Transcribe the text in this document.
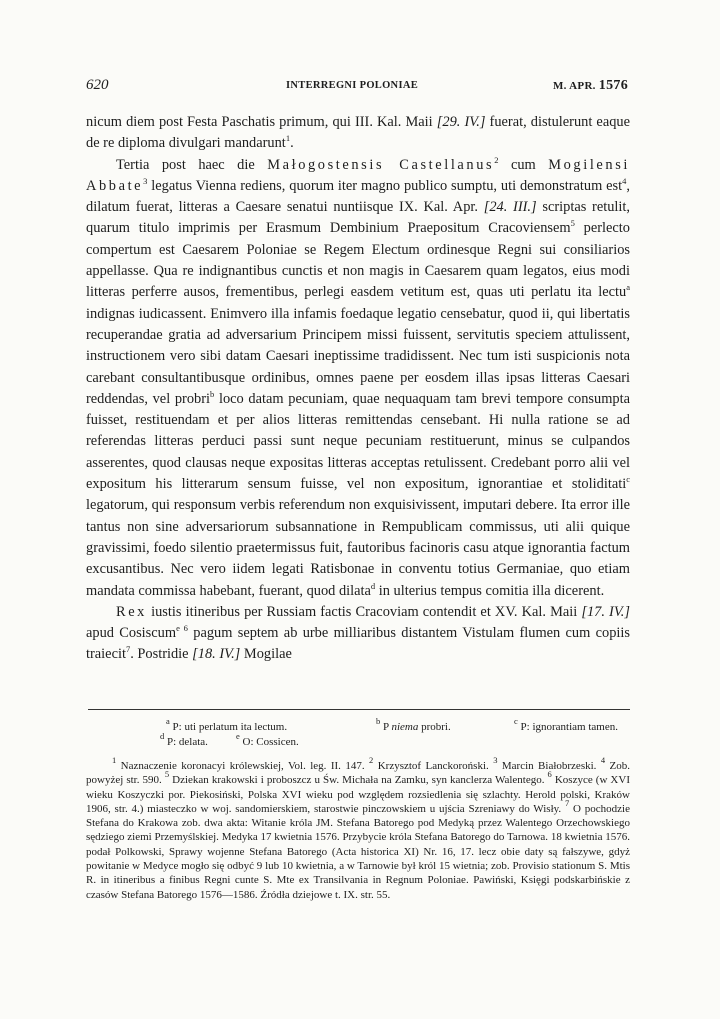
620	INTERREGNI POLONIAE	M. APR. 1576

nicum diem post Festa Paschatis primum, qui III. Kal. Maii [29. IV.] fuerat, distulerunt eaque de re diploma divulgari mandarunt$^1$.

Tertia post haec die Małogostensis Castellanus$^2$ cum Mogilensi Abbate$^3$ legatus Vienna rediens, quorum iter magno publico sumptu, uti demonstratum est$^4$, dilatum fuerat, litteras a Caesare senatui nuntiisque IX. Kal. Apr. [24. III.] scriptas retulit, quarum titulo imprimis per Erasmum Dembinium Praepositum Cracoviensem$^5$ perlecto compertum est Caesarem Poloniae se Regem Electum ordinesque Regni sui consiliarios appellasse. Qua re indignantibus cunctis et non magis in Caesarem quam legatos, eius modi litteras perferre ausos, frementibus, perlegi easdem vetitum est, quas uti perlatu ita lectu$^a$ indignas iudicassent. Enimvero illa infamis foedaque legatio censebatur, quod ii, qui libertatis recuperandae gratia ad adversarium Principem missi fuissent, servitutis speciem attulissent, instructionem vero sibi datam Caesari ineptissime tradidissent. Nec tum isti suspicionis nota carebant consultantibusque ordinibus, omnes paene per eosdem illas ipsas litteras Caesari reddendas, vel probri$^b$ loco datam pecuniam, quae nequaquam tam brevi tempore consumpta fuisset, restituendam et per alios litteras remittendas censebant. Hi nulla ratione se ad referendas litteras perduci passi sunt neque pecuniam restituerunt, minus se culpandos asserentes, quod clausas neque expositas litteras acceptas retulissent. Credebant porro alii vel expositum his litterarum sensum fuisse, vel non expositum, ignorantiae et stoliditati$^c$ legatorum, qui responsum verbis referendum non exquisivissent, imputari debere. Ita error ille tantus non sine adversariorum subsannatione in Rempublicam commissus, uti alii quique gravissimi, foedo silentio praetermissus fuit, fautoribus facinoris casu atque ignorantia factum excusantibus. Nec vero iidem legati Ratisbonae in conventu totius Germaniae, quo etiam mandata commissa habebant, fuerant, quod dilata$^d$ in ulterius tempus comitia illa dicerent.

Rex iustis itineribus per Russiam factis Cracoviam contendit et XV. Kal. Maii [17. IV.] apud Cosiscum$^{e 6}$ pagum septem ab urbe milliaribus distantem Vistulam flumen cum copiis traiecit$^7$. Postridie [18. IV.] Mogilae

$^a$ P: uti perlatum ita lectum.	$^b$ P niema probri.	$^c$ P: ignorantiam tamen.
$^d$ P: delata.	$^e$ O: Cossicen.

$^1$ Naznaczenie koronacyi królewskiej, Vol. leg. II. 147. $^2$ Krzysztof Lanckoroński. $^3$ Marcin Białobrzeski. $^4$ Zob. powyżej str. 590. $^5$ Dziekan krakowski i proboszcz u Św. Michała na Zamku, syn kanclerza Walentego. $^6$ Koszyce (w XVI wieku Koszyczki por. Piekosiński, Polska XVI wieku pod względem rozsiedlenia się szlachty. Herold polski, Kraków 1906, str. 4.) miasteczko w woj. sandomierskiem, starostwie pinczowskiem u ujścia Szreniawy do Wisły. $^7$ O pochodzie Stefana do Krakowa zob. dwa akta: Witanie króla JM. Stefana Batorego pod Medyką przez Walentego Orzechowskiego sędziego ziemi Przemyślskiej. Medyka 17 kwietnia 1576. Przybycie króla Stefana Batorego do Tarnowa. 18 kwietnia 1576. podał Polkowski, Sprawy wojenne Stefana Batorego (Acta historica XI) Nr. 16, 17. lecz obie daty są fałszywe, gdyż powitanie w Medyce mogło się odbyć 9 lub 10 kwietnia, a w Tarnowie był król 15 wietnia; zob. Provisio stationum S. Mtis R. in itineribus a finibus Regni cunte S. Mte ex Transilvania in Regnum Poloniae. Pawiński, Księgi podskarbińskie z czasów Stefana Batorego 1576—1586. Źródła dziejowe t. IX. str. 55.
